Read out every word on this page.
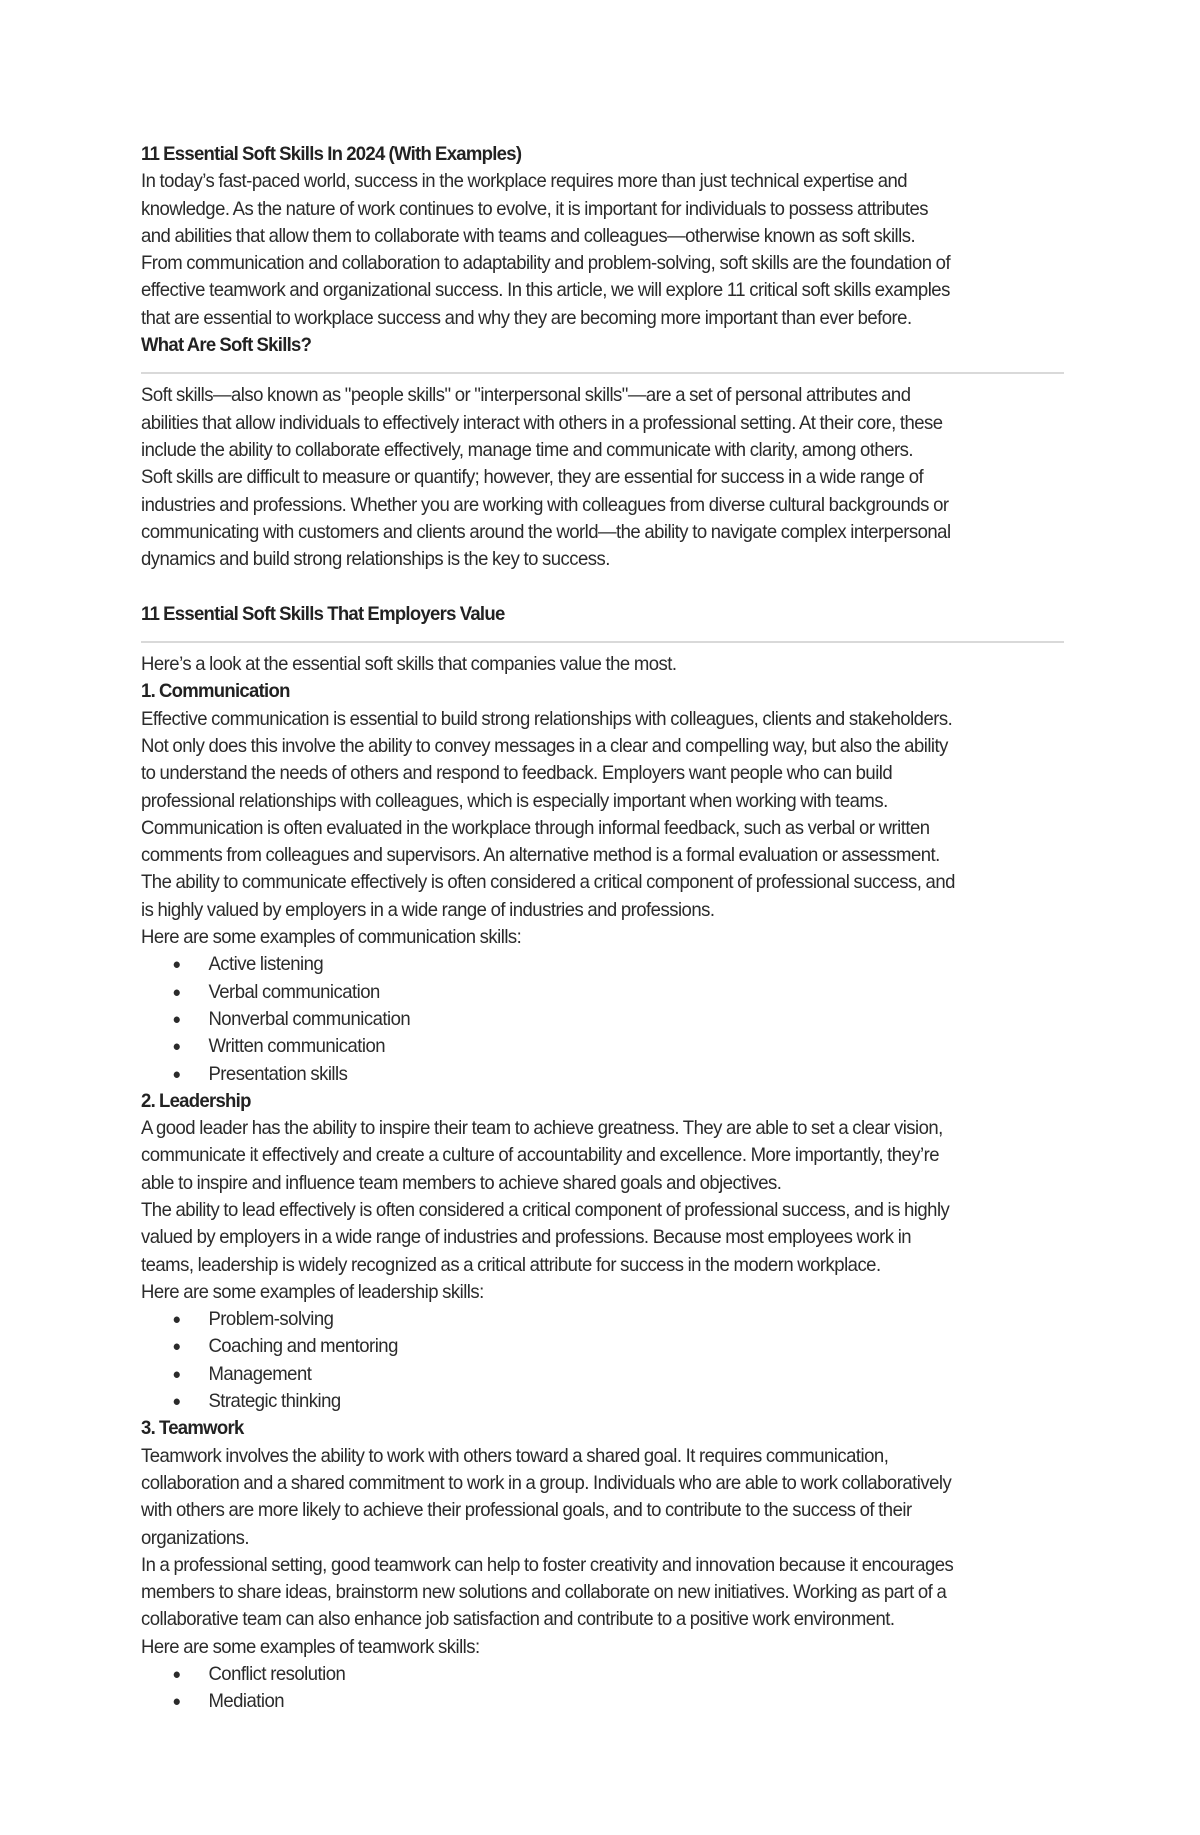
11 Essential Soft Skills In 2024 (With Examples)
In today’s fast-paced world, success in the workplace requires more than just technical expertise and
knowledge. As the nature of work continues to evolve, it is important for individuals to possess attributes
and abilities that allow them to collaborate with teams and colleagues—otherwise known as soft skills.
From communication and collaboration to adaptability and problem-solving, soft skills are the foundation of
effective teamwork and organizational success. In this article, we will explore 11 critical soft skills examples
that are essential to workplace success and why they are becoming more important than ever before.
What Are Soft Skills?
Soft skills—also known as "people skills" or "interpersonal skills"—are a set of personal attributes and
abilities that allow individuals to effectively interact with others in a professional setting. At their core, these
include the ability to collaborate effectively, manage time and communicate with clarity, among others.
Soft skills are difficult to measure or quantify; however, they are essential for success in a wide range of
industries and professions. Whether you are working with colleagues from diverse cultural backgrounds or
communicating with customers and clients around the world—the ability to navigate complex interpersonal
dynamics and build strong relationships is the key to success.
11 Essential Soft Skills That Employers Value
Here’s a look at the essential soft skills that companies value the most.
1. Communication
Effective communication is essential to build strong relationships with colleagues, clients and stakeholders.
Not only does this involve the ability to convey messages in a clear and compelling way, but also the ability
to understand the needs of others and respond to feedback. Employers want people who can build
professional relationships with colleagues, which is especially important when working with teams.
Communication is often evaluated in the workplace through informal feedback, such as verbal or written
comments from colleagues and supervisors. An alternative method is a formal evaluation or assessment.
The ability to communicate effectively is often considered a critical component of professional success, and
is highly valued by employers in a wide range of industries and professions.
Here are some examples of communication skills:
● Active listening
● Verbal communication
● Nonverbal communication
● Written communication
● Presentation skills
2. Leadership
A good leader has the ability to inspire their team to achieve greatness. They are able to set a clear vision,
communicate it effectively and create a culture of accountability and excellence. More importantly, they’re
able to inspire and influence team members to achieve shared goals and objectives.
The ability to lead effectively is often considered a critical component of professional success, and is highly
valued by employers in a wide range of industries and professions. Because most employees work in
teams, leadership is widely recognized as a critical attribute for success in the modern workplace.
Here are some examples of leadership skills:
● Problem-solving
● Coaching and mentoring
● Management
● Strategic thinking
3. Teamwork
Teamwork involves the ability to work with others toward a shared goal. It requires communication,
collaboration and a shared commitment to work in a group. Individuals who are able to work collaboratively
with others are more likely to achieve their professional goals, and to contribute to the success of their
organizations.
In a professional setting, good teamwork can help to foster creativity and innovation because it encourages
members to share ideas, brainstorm new solutions and collaborate on new initiatives. Working as part of a
collaborative team can also enhance job satisfaction and contribute to a positive work environment.
Here are some examples of teamwork skills:
● Conflict resolution
● Mediation
